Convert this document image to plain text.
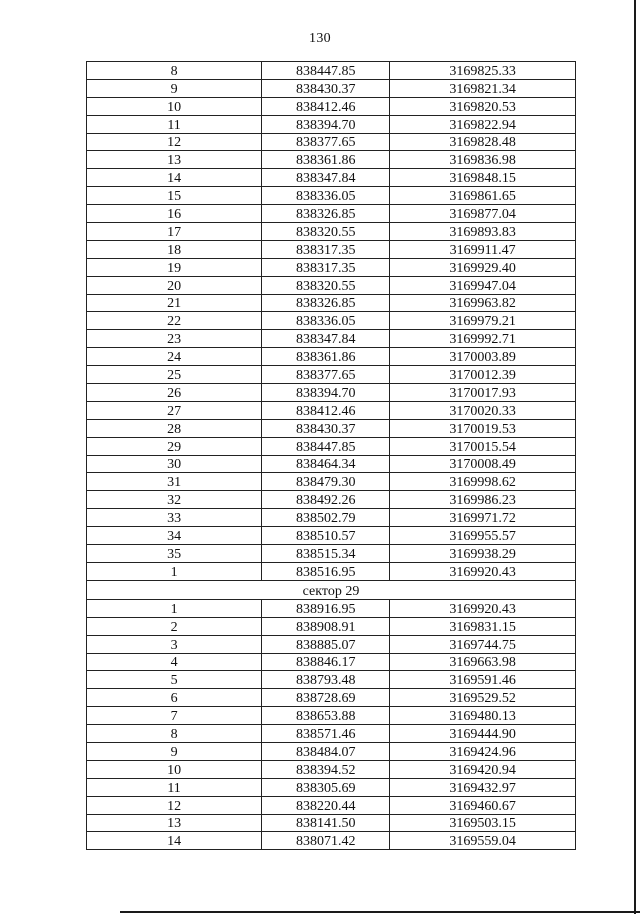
130
8	838447.85	3169825.33
9	838430.37	3169821.34
10	838412.46	3169820.53
11	838394.70	3169822.94
12	838377.65	3169828.48
13	838361.86	3169836.98
14	838347.84	3169848.15
15	838336.05	3169861.65
16	838326.85	3169877.04
17	838320.55	3169893.83
18	838317.35	3169911.47
19	838317.35	3169929.40
20	838320.55	3169947.04
21	838326.85	3169963.82
22	838336.05	3169979.21
23	838347.84	3169992.71
24	838361.86	3170003.89
25	838377.65	3170012.39
26	838394.70	3170017.93
27	838412.46	3170020.33
28	838430.37	3170019.53
29	838447.85	3170015.54
30	838464.34	3170008.49
31	838479.30	3169998.62
32	838492.26	3169986.23
33	838502.79	3169971.72
34	838510.57	3169955.57
35	838515.34	3169938.29
1	838516.95	3169920.43
сектор 29		
1	838916.95	3169920.43
2	838908.91	3169831.15
3	838885.07	3169744.75
4	838846.17	3169663.98
5	838793.48	3169591.46
6	838728.69	3169529.52
7	838653.88	3169480.13
8	838571.46	3169444.90
9	838484.07	3169424.96
10	838394.52	3169420.94
11	838305.69	3169432.97
12	838220.44	3169460.67
13	838141.50	3169503.15
14	838071.42	3169559.04
